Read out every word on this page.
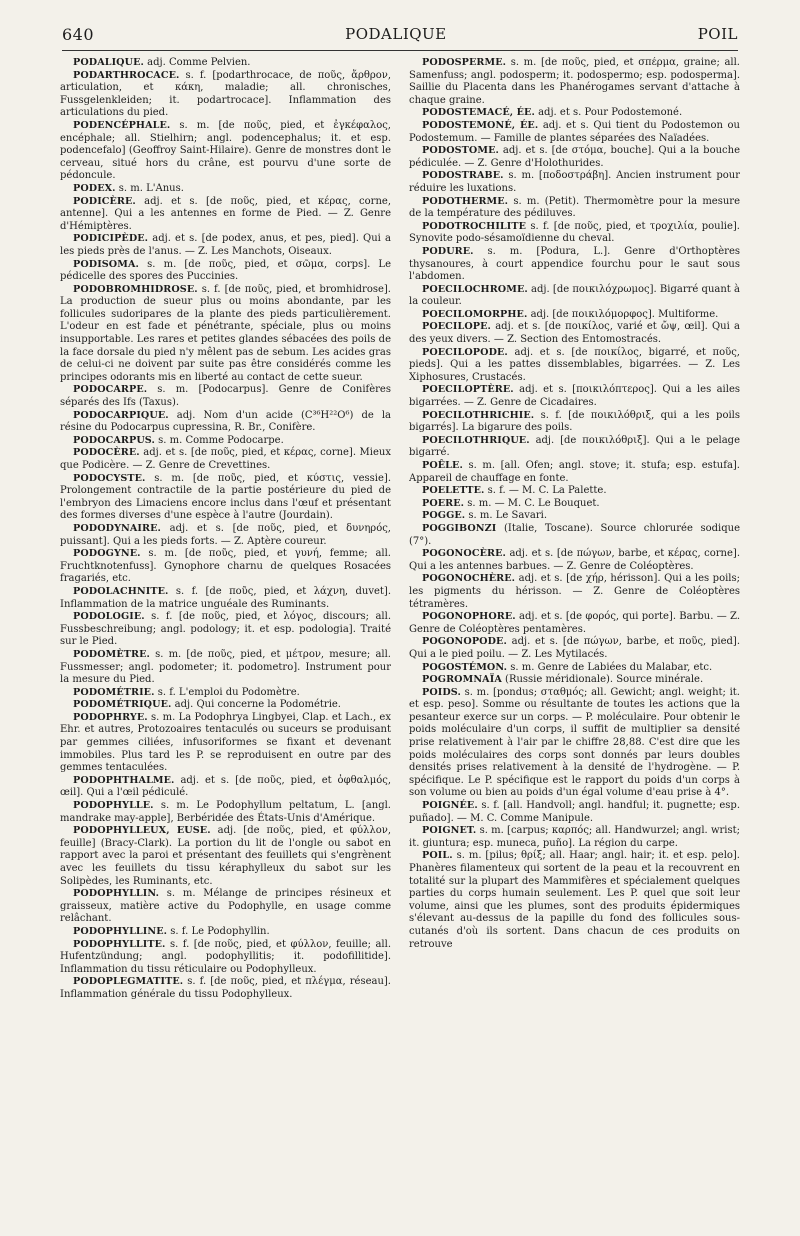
640	PODALIQUE	POIL

PODALIQUE. adj. Comme Pelvien.

PODARTHROCACE. s. f. [podarthrocace, de ποῦς, ἄρθρον, articulation, et κάκη, maladie; all. chronisches, Fussgelenkleiden; it. podartrocace]. Inflammation des articulations du pied.

PODENCÉPHALE. s. m. [de ποῦς, pied, et ἐγκέφαλος, encéphale; all. Stielhirn; angl. podencephalus; it. et esp. podencefalo] (Geoffroy Saint-Hilaire). Genre de monstres dont le cerveau, situé hors du crâne, est pourvu d'une sorte de pédoncule.

PODEX. s. m. L'Anus.

PODICÈRE. adj. et s. [de ποῦς, pied, et κέρας, corne, antenne]. Qui a les antennes en forme de Pied. — Z. Genre d'Hémiptères.

PODICIPÈDE. adj. et s. [de podex, anus, et pes, pied]. Qui a les pieds près de l'anus. — Z. Les Manchots, Oiseaux.

PODISOMA. s. m. [de ποῦς, pied, et σῶμα, corps]. Le pédicelle des spores des Puccinies.

PODOBROMHIDROSE. s. f. [de ποῦς, pied, et bromhidrose]. La production de sueur plus ou moins abondante, par les follicules sudoripares de la plante des pieds particulièrement. L'odeur en est fade et pénétrante, spéciale, plus ou moins insupportable. Les rares et petites glandes sébacées des poils de la face dorsale du pied n'y mêlent pas de sebum. Les acides gras de celui-ci ne doivent par suite pas être considérés comme les principes odorants mis en liberté au contact de cette sueur.

PODOCARPE. s. m. [Podocarpus]. Genre de Conifères séparés des Ifs (Taxus).

PODOCARPIQUE. adj. Nom d'un acide (C³⁶H²²O⁶) de la résine du Podocarpus cupressina, R. Br., Conifère.

PODOCARPUS. s. m. Comme Podocarpe.

PODOCÈRE. adj. et s. [de ποῦς, pied, et κέρας, corne]. Mieux que Podicère. — Z. Genre de Crevettines.

PODOCYSTE. s. m. [de ποῦς, pied, et κύστις, vessie]. Prolongement contractile de la partie postérieure du pied de l'embryon des Limaciens encore inclus dans l'œuf et présentant des formes diverses d'une espèce à l'autre (Jourdain).

PODODYNAIRE. adj. et s. [de ποῦς, pied, et δυνηρός, puissant]. Qui a les pieds forts. — Z. Aptère coureur.

PODOGYNE. s. m. [de ποῦς, pied, et γυνή, femme; all. Fruchtknotenfuss]. Gynophore charnu de quelques Rosacées fragariés, etc.

PODOLACHNITE. s. f. [de ποῦς, pied, et λάχνη, duvet]. Inflammation de la matrice unguéale des Ruminants.

PODOLOGIE. s. f. [de ποῦς, pied, et λόγος, discours; all. Fussbeschreibung; angl. podology; it. et esp. podologia]. Traité sur le Pied.

PODOMÈTRE. s. m. [de ποῦς, pied, et μέτρον, mesure; all. Fussmesser; angl. podometer; it. podometro]. Instrument pour la mesure du Pied.

PODOMÉTRIE. s. f. L'emploi du Podomètre.

PODOMÉTRIQUE. adj. Qui concerne la Podométrie.

PODOPHRYE. s. m. La Podophrya Lingbyei, Clap. et Lach., ex Ehr. et autres, Protozoaires tentaculés ou suceurs se produisant par gemmes ciliées, infusoriformes se fixant et devenant immobiles. Plus tard les P. se reproduisent en outre par des gemmes tentaculées.

PODOPHTHALME. adj. et s. [de ποῦς, pied, et ὀφθαλμός, œil]. Qui a l'œil pédiculé.

PODOPHYLLE. s. m. Le Podophyllum peltatum, L. [angl. mandrake may-apple], Berbéridée des États-Unis d'Amérique.

PODOPHYLLEUX, EUSE. adj. [de ποῦς, pied, et φύλλον, feuille] (Bracy-Clark). La portion du lit de l'ongle ou sabot en rapport avec la paroi et présentant des feuillets qui s'engrènent avec les feuillets du tissu kéraphylleux du sabot sur les Solipèdes, les Ruminants, etc.

PODOPHYLLIN. s. m. Mélange de principes résineux et graisseux, matière active du Podophylle, en usage comme relâchant.

PODOPHYLLINE. s. f. Le Podophyllin.

PODOPHYLLITE. s. f. [de ποῦς, pied, et φύλλον, feuille; all. Hufentzündung; angl. podophyllitis; it. podofillitide]. Inflammation du tissu réticulaire ou Podophylleux.

PODOPLEGMATITE. s. f. [de ποῦς, pied, et πλέγμα, réseau]. Inflammation générale du tissu Podophylleux.

PODOSPERME. s. m. [de ποῦς, pied, et σπέρμα, graine; all. Samenfuss; angl. podosperm; it. podospermo; esp. podosperma]. Saillie du Placenta dans les Phanérogames servant d'attache à chaque graine.

PODOSTEMACÉ, ÉE. adj. et s. Pour Podostemoné.

PODOSTEMONÉ, ÉE. adj. et s. Qui tient du Podostemon ou Podostemum. — Famille de plantes séparées des Naïadées.

PODOSTOME. adj. et s. [de στόμα, bouche]. Qui a la bouche pédiculée. — Z. Genre d'Holothurides.

PODOSTRABE. s. m. [ποδοστράβη]. Ancien instrument pour réduire les luxations.

PODOTHERME. s. m. (Petit). Thermomètre pour la mesure de la température des pédiluves.

PODOTROCHILITE s. f. [de ποῦς, pied, et τροχιλία, poulie]. Synovite podo-sésamoïdienne du cheval.

PODURE. s. m. [Podura, L.]. Genre d'Orthoptères thysanoures, à court appendice fourchu pour le saut sous l'abdomen.

POECILOCHROME. adj. [de ποικιλόχρωμος]. Bigarré quant à la couleur.

POECILOMORPHE. adj. [de ποικιλόμορφος]. Multiforme.

POECILOPE. adj. et s. [de ποικίλος, varié et ὤψ, œil]. Qui a des yeux divers. — Z. Section des Entomostracés.

POECILOPODE. adj. et s. [de ποικίλος, bigarré, et ποῦς, pieds]. Qui a les pattes dissemblables, bigarrées. — Z. Les Xiphosures, Crustacés.

POECILOPTÈRE. adj. et s. [ποικιλόπτερος]. Qui a les ailes bigarrées. — Z. Genre de Cicadaires.

POECILOTHRICHIE. s. f. [de ποικιλόθριξ, qui a les poils bigarrés]. La bigarure des poils.

POECILOTHRIQUE. adj. [de ποικιλόθριξ]. Qui a le pelage bigarré.

POÊLE. s. m. [all. Ofen; angl. stove; it. stufa; esp. estufa]. Appareil de chauffage en fonte.

POELETTE. s. f. — M. C. La Palette.

POERE. s. m. — M. C. Le Bouquet.

POGGE. s. m. Le Savari.

POGGIBONZI (Italie, Toscane). Source chlorurée sodique (7°).

POGONOCÈRE. adj. et s. [de πώγων, barbe, et κέρας, corne]. Qui a les antennes barbues. — Z. Genre de Coléoptères.

POGONOCHÈRE. adj. et s. [de χήρ, hérisson]. Qui a les poils; les pigments du hérisson. — Z. Genre de Coléoptères tétramères.

POGONOPHORE. adj. et s. [de φορός, qui porte]. Barbu. — Z. Genre de Coléoptères pentamères.

POGONOPODE. adj. et s. [de πώγων, barbe, et ποῦς, pied]. Qui a le pied poilu. — Z. Les Mytilacés.

POGOSTÉMON. s. m. Genre de Labiées du Malabar, etc.

POGROMNAÏA (Russie méridionale). Source minérale.

POIDS. s. m. [pondus; σταθμός; all. Gewicht; angl. weight; it. et esp. peso]. Somme ou résultante de toutes les actions que la pesanteur exerce sur un corps. — P. moléculaire. Pour obtenir le poids moléculaire d'un corps, il suffit de multiplier sa densité prise relativement à l'air par le chiffre 28,88. C'est dire que les poids moléculaires des corps sont donnés par leurs doubles densités prises relativement à la densité de l'hydrogène. — P. spécifique. Le P. spécifique est le rapport du poids d'un corps à son volume ou bien au poids d'un égal volume d'eau prise à 4°.

POIGNÉE. s. f. [all. Handvoll; angl. handful; it. pugnette; esp. puñado]. — M. C. Comme Manipule.

POIGNET. s. m. [carpus; καρπός; all. Handwurzel; angl. wrist; it. giuntura; esp. muneca, puño]. La région du carpe.

POIL. s. m. [pilus; θρίξ; all. Haar; angl. hair; it. et esp. pelo]. Phanères filamenteux qui sortent de la peau et la recouvrent en totalité sur la plupart des Mammifères et spécialement quelques parties du corps humain seulement. Les P. quel que soit leur volume, ainsi que les plumes, sont des produits épidermiques s'élevant au-dessus de la papille du fond des follicules sous-cutanés d'où ils sortent. Dans chacun de ces produits on retrouve
